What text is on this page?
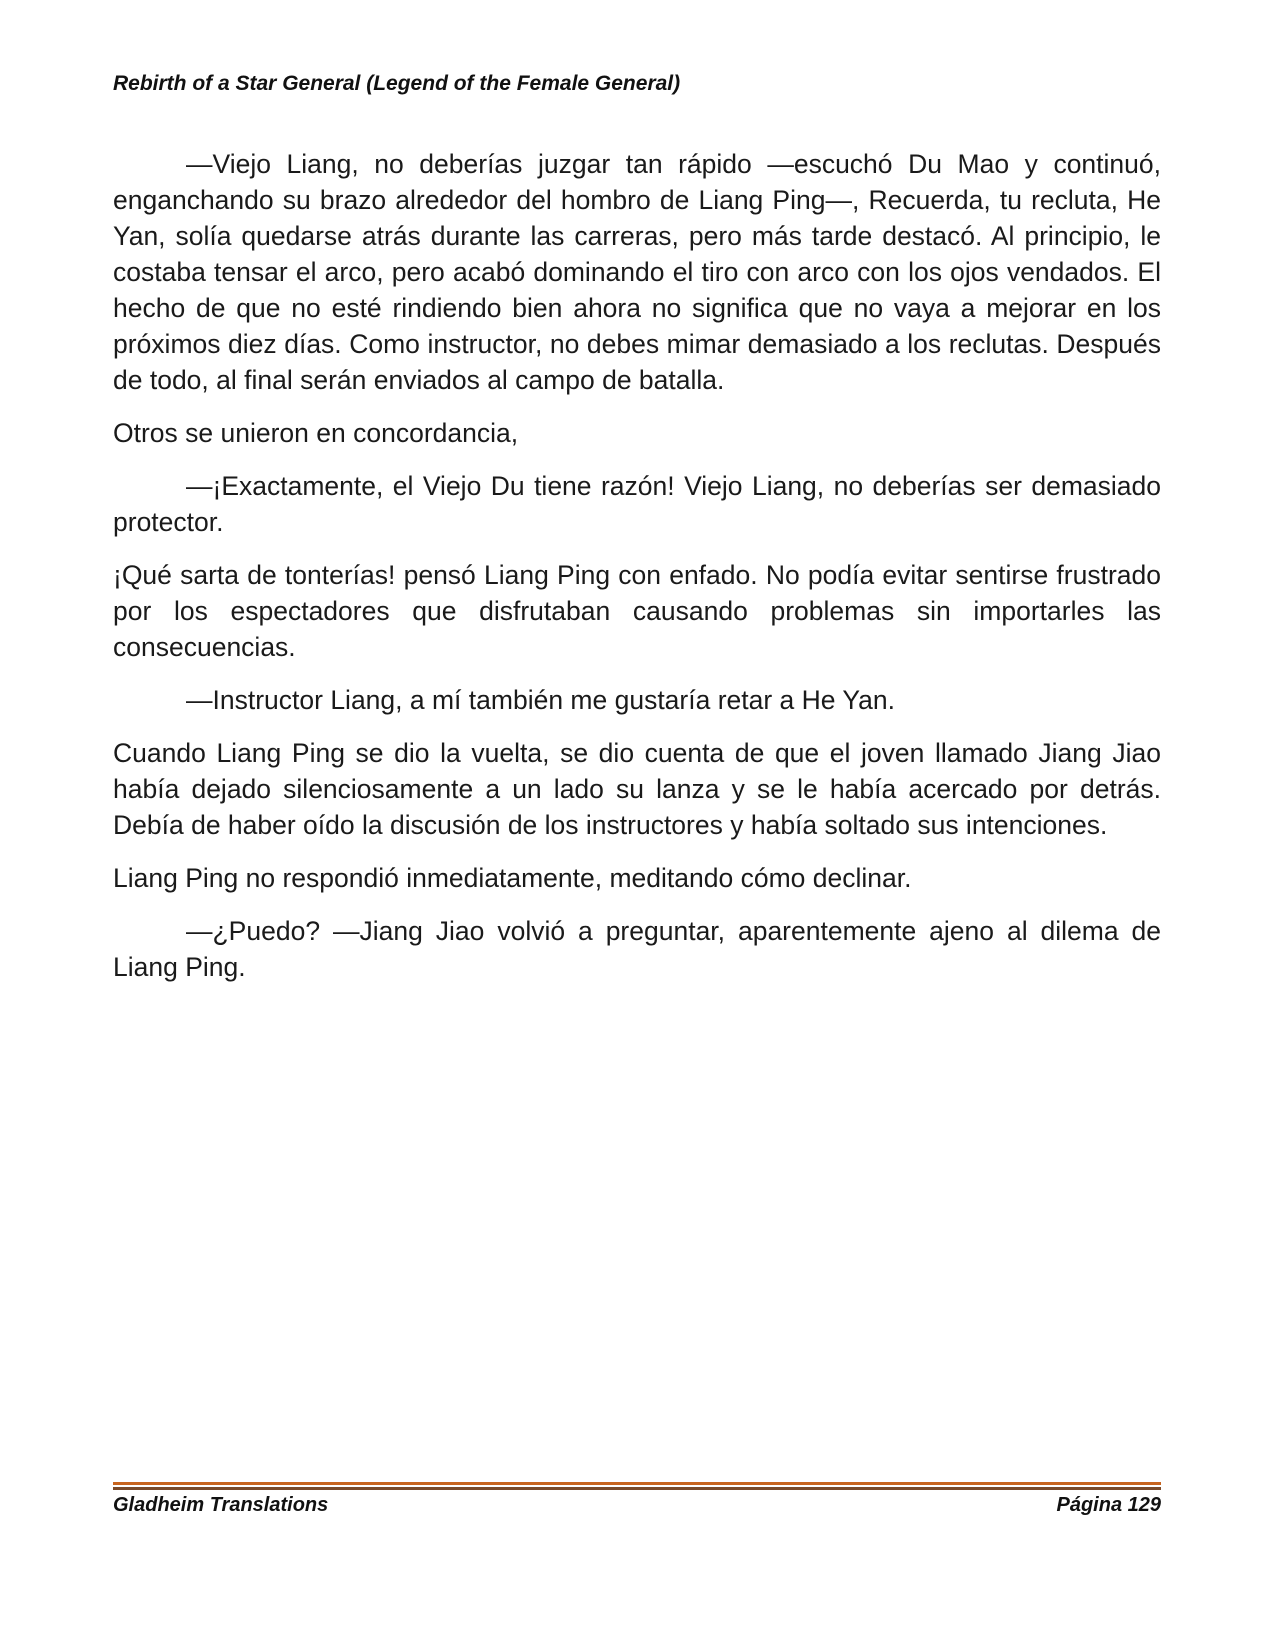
Rebirth of a Star General (Legend of the Female General)

—Viejo Liang, no deberías juzgar tan rápido —escuchó Du Mao y continuó, enganchando su brazo alrededor del hombro de Liang Ping—, Recuerda, tu recluta, He Yan, solía quedarse atrás durante las carreras, pero más tarde destacó. Al principio, le costaba tensar el arco, pero acabó dominando el tiro con arco con los ojos vendados. El hecho de que no esté rindiendo bien ahora no significa que no vaya a mejorar en los próximos diez días. Como instructor, no debes mimar demasiado a los reclutas. Después de todo, al final serán enviados al campo de batalla.

Otros se unieron en concordancia,

—¡Exactamente, el Viejo Du tiene razón! Viejo Liang, no deberías ser demasiado protector.

¡Qué sarta de tonterías! pensó Liang Ping con enfado. No podía evitar sentirse frustrado por los espectadores que disfrutaban causando problemas sin importarles las consecuencias.

—Instructor Liang, a mí también me gustaría retar a He Yan.

Cuando Liang Ping se dio la vuelta, se dio cuenta de que el joven llamado Jiang Jiao había dejado silenciosamente a un lado su lanza y se le había acercado por detrás. Debía de haber oído la discusión de los instructores y había soltado sus intenciones.

Liang Ping no respondió inmediatamente, meditando cómo declinar.

—¿Puedo? —Jiang Jiao volvió a preguntar, aparentemente ajeno al dilema de Liang Ping.

Gladheim Translations	Página 129
